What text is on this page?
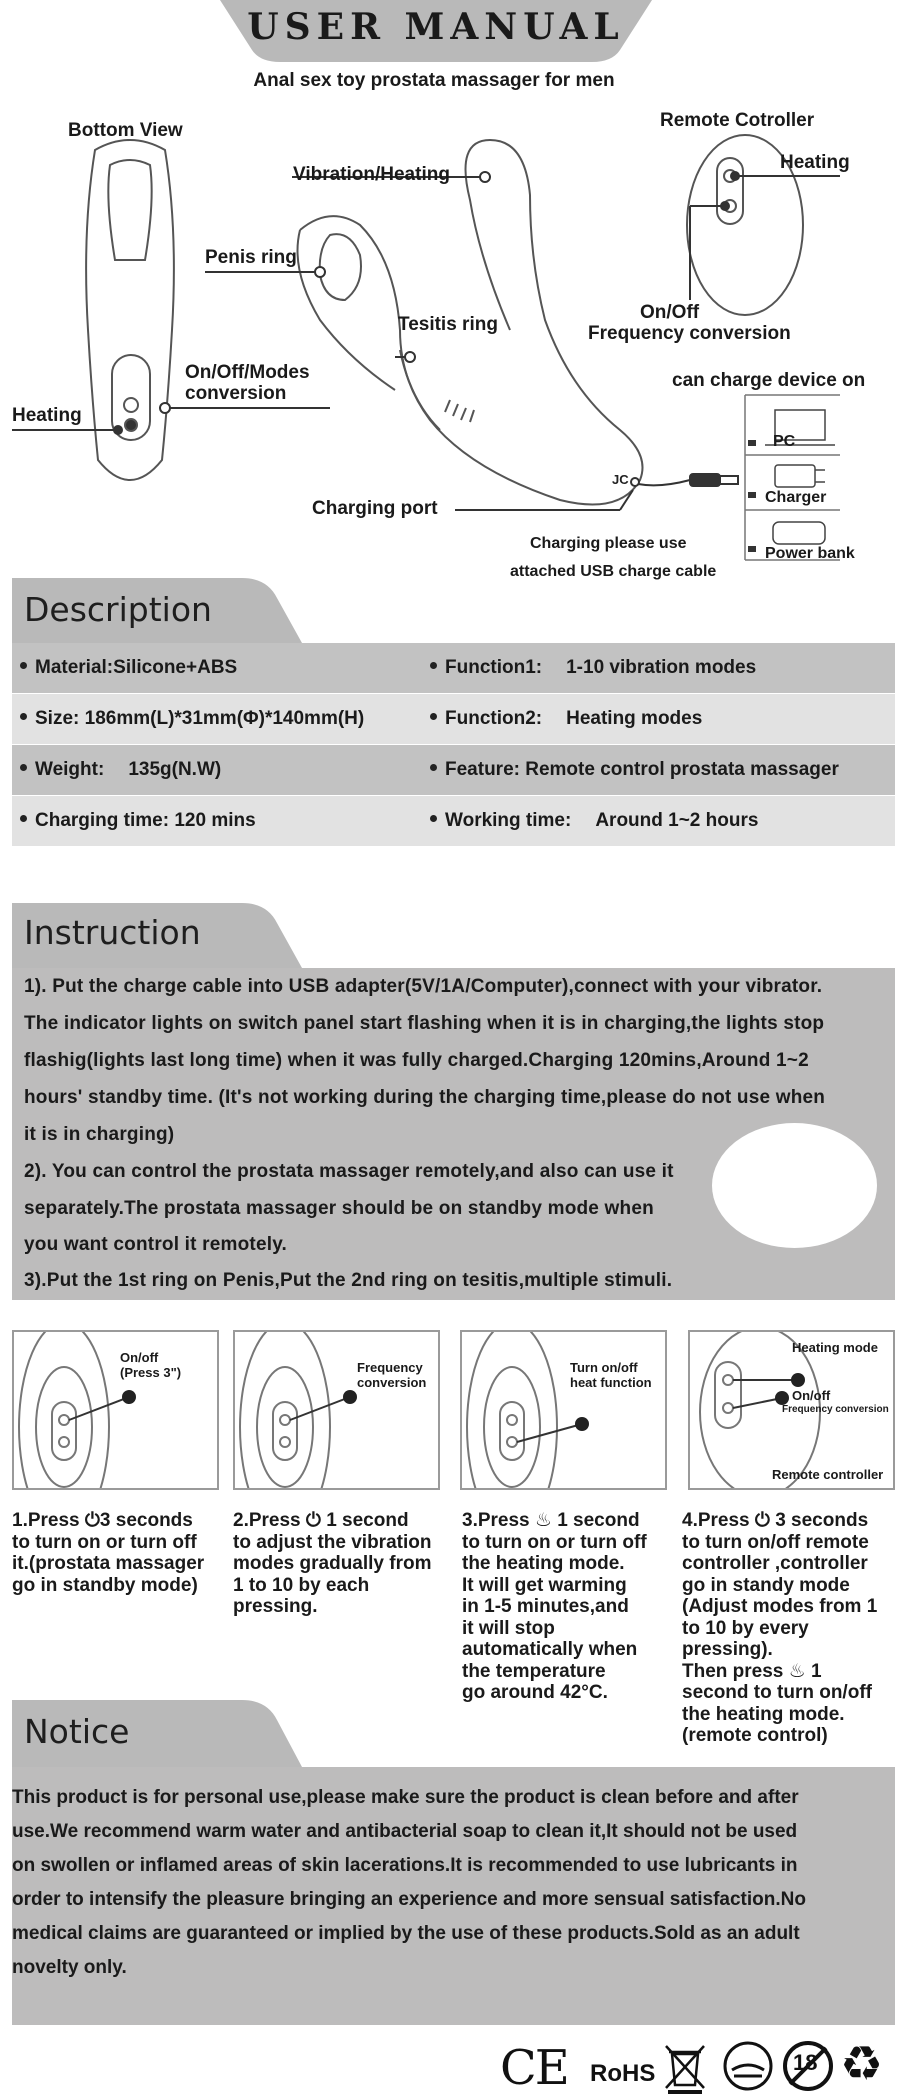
USER MANUAL
Anal sex toy prostata massager for men
JC
Bottom View
Heating
On/Off/Modes
conversion
Vibration/Heating
Penis ring
Tesitis ring
Charging port
Charging please use
attached USB charge cable
Remote Cotroller
Heating
On/Off
Frequency conversion
can charge device on
PC
Charger
Power bank
Description
Material:Silicone+ABS	Function1: 1-10 vibration modes
Size: 186mm(L)*31mm(Φ)*140mm(H)	Function2: Heating modes
Weight: 135g(N.W)	Feature: Remote control prostata massager
Charging time: 120 mins	Working time: Around 1~2 hours
Instruction
1). Put the charge cable into USB adapter(5V/1A/Computer),connect with your vibrator.
The indicator lights on switch panel start flashing when it is in charging,the lights stop
flashig(lights last long time) when it was fully charged.Charging 120mins,Around 1~2
hours' standby time. (It's not working during the charging time,please do not use when
it is in charging)
2). You can control the prostata massager remotely,and also can use it
separately.The prostata massager should be on standby mode when
you want control it remotely.
3).Put the 1st ring on Penis,Put the 2nd ring on tesitis,multiple stimuli.
On/off
(Press 3")	Frequency
conversion
Turn on/off
heat function
Heating mode
On/off
Frequency conversion
Remote controller
1.Press ⏻3 seconds
to turn on or turn off
it.(prostata massager
go in standby mode)
2.Press ⏻ 1 second
to adjust the vibration
modes gradually from
1 to 10 by each
pressing.
3.Press ♨ 1 second
to turn on or turn off
the heating mode.
It will get warming
in 1-5 minutes,and
it will stop
automatically when
the temperature
go around 42°C.
4.Press ⏻ 3 seconds
to turn on/off remote
controller ,controller
go in standy mode
(Adjust modes from 1
to 10 by every
pressing).
Then press ♨ 1
second to turn on/off
the heating mode.
(remote control)
Notice
This product is for personal use,please make sure the product is clean before and after
use.We recommend warm water and antibacterial soap to clean it,It should not be used
on swollen or inflamed areas of skin lacerations.It is recommended to use lubricants in
order to intensify the pleasure bringing an experience and more sensual satisfaction.No
medical claims are guaranteed or implied by the use of these products.Sold as an adult
novelty only.
CE RoHS	18 ♻
